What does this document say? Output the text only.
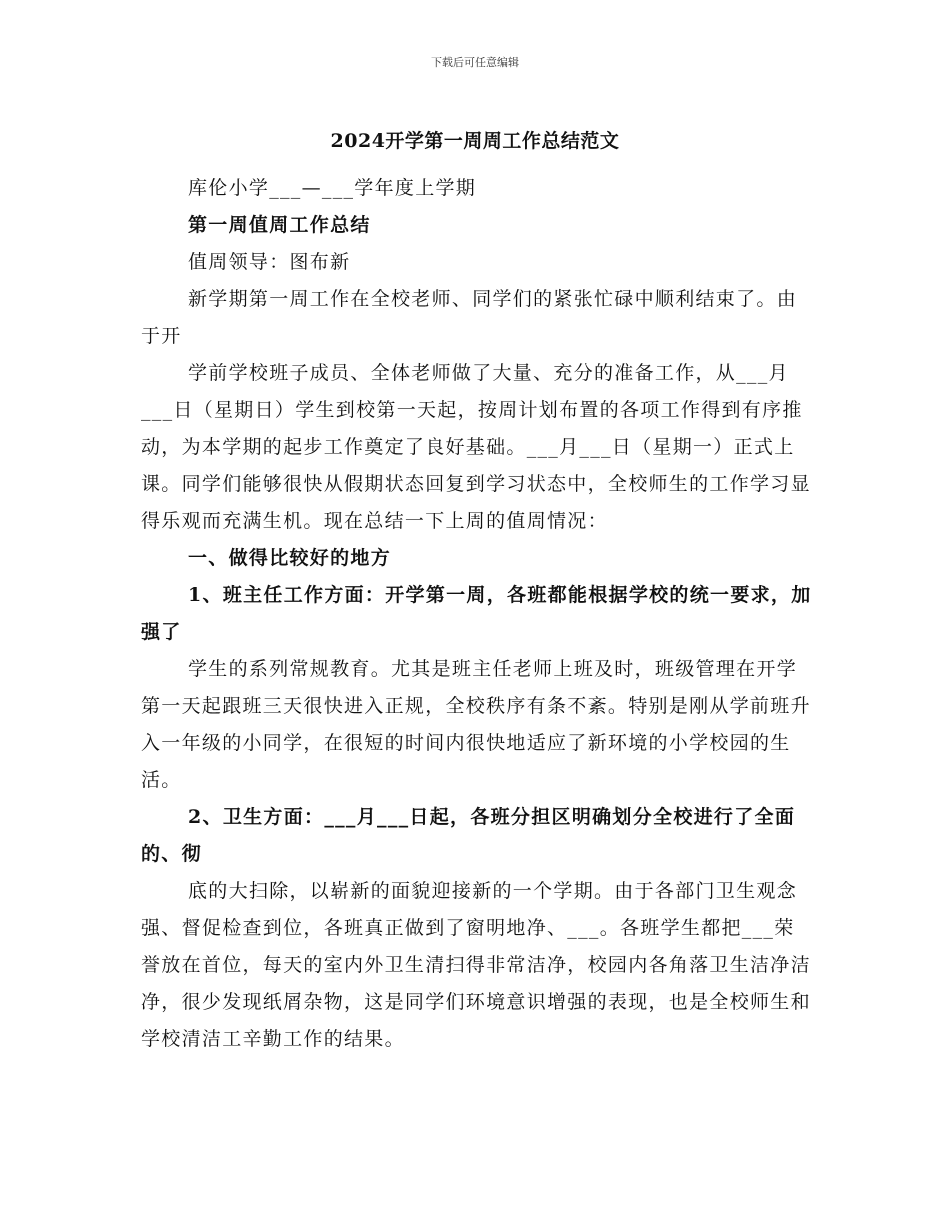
下载后可任意编辑
2024开学第一周周工作总结范文

库伦小学___—___学年度上学期

第一周值周工作总结

值周领导：图布新

新学期第一周工作在全校老师、同学们的紧张忙碌中顺利结束了。由于开

学前学校班子成员、全体老师做了大量、充分的准备工作，从___月___日（星期日）学生到校第一天起，按周计划布置的各项工作得到有序推动，为本学期的起步工作奠定了良好基础。___月___日（星期一）正式上课。同学们能够很快从假期状态回复到学习状态中，全校师生的工作学习显得乐观而充满生机。现在总结一下上周的值周情况：

一、做得比较好的地方

1、班主任工作方面：开学第一周，各班都能根据学校的统一要求，加强了

学生的系列常规教育。尤其是班主任老师上班及时，班级管理在开学第一天起跟班三天很快进入正规，全校秩序有条不紊。特别是刚从学前班升入一年级的小同学，在很短的时间内很快地适应了新环境的小学校园的生活。

2、卫生方面：___月___日起，各班分担区明确划分全校进行了全面的、彻

底的大扫除，以崭新的面貌迎接新的一个学期。由于各部门卫生观念强、督促检查到位，各班真正做到了窗明地净、___。各班学生都把___荣誉放在首位，每天的室内外卫生清扫得非常洁净，校园内各角落卫生洁净洁净，很少发现纸屑杂物，这是同学们环境意识增强的表现，也是全校师生和学校清洁工辛勤工作的结果。
